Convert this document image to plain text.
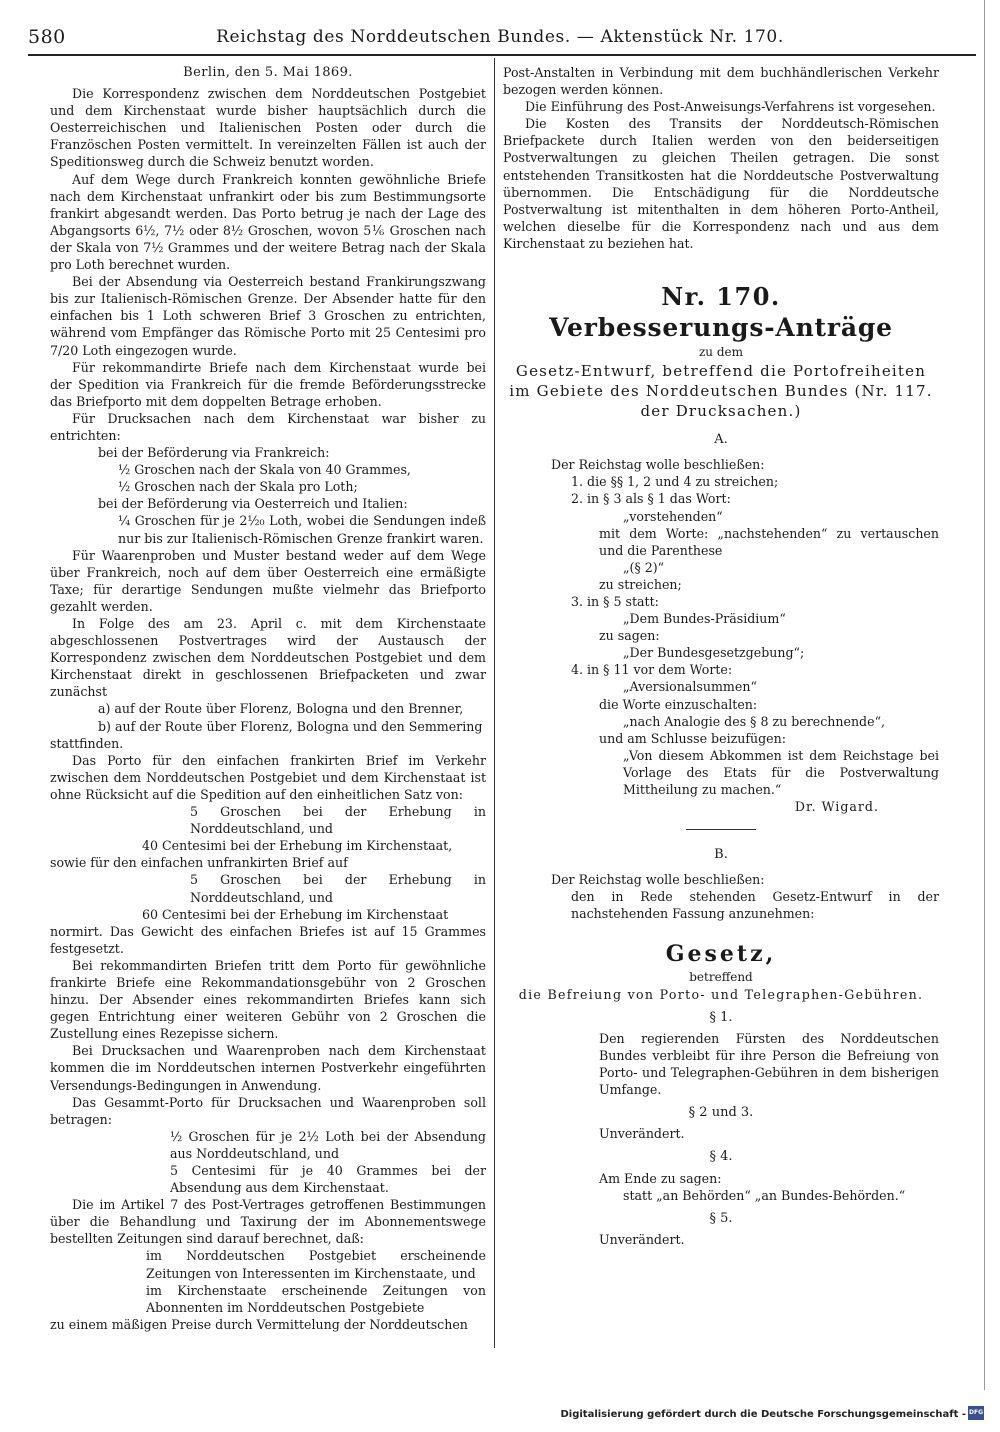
580	Reichstag des Norddeutschen Bundes. — Aktenstück Nr. 170.

Berlin, den 5. Mai 1869.

Die Korrespondenz zwischen dem Norddeutschen Postgebiet und dem Kirchenstaat wurde bisher hauptsächlich durch die Oesterreichischen und Italienischen Posten oder durch die Französchen Posten vermittelt. In vereinzelten Fällen ist auch der Speditionsweg durch die Schweiz benutzt worden.

Auf dem Wege durch Frankreich konnten gewöhnliche Briefe nach dem Kirchenstaat unfrankirt oder bis zum Bestimmungsorte frankirt abgesandt werden. Das Porto betrug je nach der Lage des Abgangsorts 6½, 7½ oder 8½ Groschen, wovon 5⅙ Groschen nach der Skala von 7½ Grammes und der weitere Betrag nach der Skala pro Loth berechnet wurden.

Bei der Absendung via Oesterreich bestand Frankirungszwang bis zur Italienisch-Römischen Grenze. Der Absender hatte für den einfachen bis 1 Loth schweren Brief 3 Groschen zu entrichten, während vom Empfänger das Römische Porto mit 25 Centesimi pro 7/20 Loth eingezogen wurde.

Für rekommandirte Briefe nach dem Kirchenstaat wurde bei der Spedition via Frankreich für die fremde Beförderungsstrecke das Briefporto mit dem doppelten Betrage erhoben.

Für Drucksachen nach dem Kirchenstaat war bisher zu entrichten:

bei der Beförderung via Frankreich:

½ Groschen nach der Skala von 40 Grammes,

½ Groschen nach der Skala pro Loth;

bei der Beförderung via Oesterreich und Italien:

¼ Groschen für je 2½₀ Loth, wobei die Sendungen indeß nur bis zur Italienisch-Römischen Grenze frankirt waren.

Für Waarenproben und Muster bestand weder auf dem Wege über Frankreich, noch auf dem über Oesterreich eine ermäßigte Taxe; für derartige Sendungen mußte vielmehr das Briefporto gezahlt werden.

In Folge des am 23. April c. mit dem Kirchenstaate abgeschlossenen Postvertrages wird der Austausch der Korrespondenz zwischen dem Norddeutschen Postgebiet und dem Kirchenstaat direkt in geschlossenen Briefpacketen und zwar zunächst

a) auf der Route über Florenz, Bologna und den Brenner,

b) auf der Route über Florenz, Bologna und den Semmering

stattfinden.

Das Porto für den einfachen frankirten Brief im Verkehr zwischen dem Norddeutschen Postgebiet und dem Kirchenstaat ist ohne Rücksicht auf die Spedition auf den einheitlichen Satz von:

5 Groschen bei der Erhebung in Norddeutschland, und

40 Centesimi bei der Erhebung im Kirchenstaat,

sowie für den einfachen unfrankirten Brief auf

5 Groschen bei der Erhebung in Norddeutschland, und

60 Centesimi bei der Erhebung im Kirchenstaat

normirt. Das Gewicht des einfachen Briefes ist auf 15 Grammes festgesetzt.

Bei rekommandirten Briefen tritt dem Porto für gewöhnliche frankirte Briefe eine Rekommandationsgebühr von 2 Groschen hinzu. Der Absender eines rekommandirten Briefes kann sich gegen Entrichtung einer weiteren Gebühr von 2 Groschen die Zustellung eines Rezepisse sichern.

Bei Drucksachen und Waarenproben nach dem Kirchenstaat kommen die im Norddeutschen internen Postverkehr eingeführten Versendungs-Bedingungen in Anwendung.

Das Gesammt-Porto für Drucksachen und Waarenproben soll betragen:

½ Groschen für je 2½ Loth bei der Absendung aus Norddeutschland, und

5 Centesimi für je 40 Grammes bei der Absendung aus dem Kirchenstaat.

Die im Artikel 7 des Post-Vertrages getroffenen Bestimmungen über die Behandlung und Taxirung der im Abonnementswege bestellten Zeitungen sind darauf berechnet, daß:

im Norddeutschen Postgebiet erscheinende Zeitungen von Interessenten im Kirchenstaate, und

im Kirchenstaate erscheinende Zeitungen von Abonnenten im Norddeutschen Postgebiete

zu einem mäßigen Preise durch Vermittelung der Norddeutschen

Post-Anstalten in Verbindung mit dem buchhändlerischen Verkehr bezogen werden können.

Die Einführung des Post-Anweisungs-Verfahrens ist vorgesehen.

Die Kosten des Transits der Norddeutsch-Römischen Briefpackete durch Italien werden von den beiderseitigen Postverwaltungen zu gleichen Theilen getragen. Die sonst entstehenden Transitkosten hat die Norddeutsche Postverwaltung übernommen. Die Entschädigung für die Norddeutsche Postverwaltung ist mitenthalten in dem höheren Porto-Antheil, welchen dieselbe für die Korrespondenz nach und aus dem Kirchenstaat zu beziehen hat.

Nr. 170.

Verbesserungs-Anträge

zu dem

Gesetz-Entwurf, betreffend die Portofreiheiten im Gebiete des Norddeutschen Bundes (Nr. 117. der Drucksachen.)

A.

Der Reichstag wolle beschließen:

1. die §§ 1, 2 und 4 zu streichen;

2. in § 3 als § 1 das Wort:

„vorstehenden“

mit dem Worte: „nachstehenden“ zu vertauschen und die Parenthese

„(§ 2)“

zu streichen;

3. in § 5 statt:

„Dem Bundes-Präsidium“

zu sagen:

„Der Bundesgesetzgebung“;

4. in § 11 vor dem Worte:

„Aversionalsummen“

die Worte einzuschalten:

„nach Analogie des § 8 zu berechnende“,

und am Schlusse beizufügen:

„Von diesem Abkommen ist dem Reichstage bei Vorlage des Etats für die Postverwaltung Mittheilung zu machen.“

Dr. Wigard.

B.

Der Reichstag wolle beschließen:

den in Rede stehenden Gesetz-Entwurf in der nachstehenden Fassung anzunehmen:

Gesetz,

betreffend

die Befreiung von Porto- und Telegraphen-Gebühren.

§ 1.

Den regierenden Fürsten des Norddeutschen Bundes verbleibt für ihre Person die Befreiung von Porto- und Telegraphen-Gebühren in dem bisherigen Umfange.

§ 2 und 3.

Unverändert.

§ 4.

Am Ende zu sagen:

statt „an Behörden“ „an Bundes-Behörden.“

§ 5.

Unverändert.

Digitalisierung gefördert durch die Deutsche Forschungsgemeinschaft - DFG
